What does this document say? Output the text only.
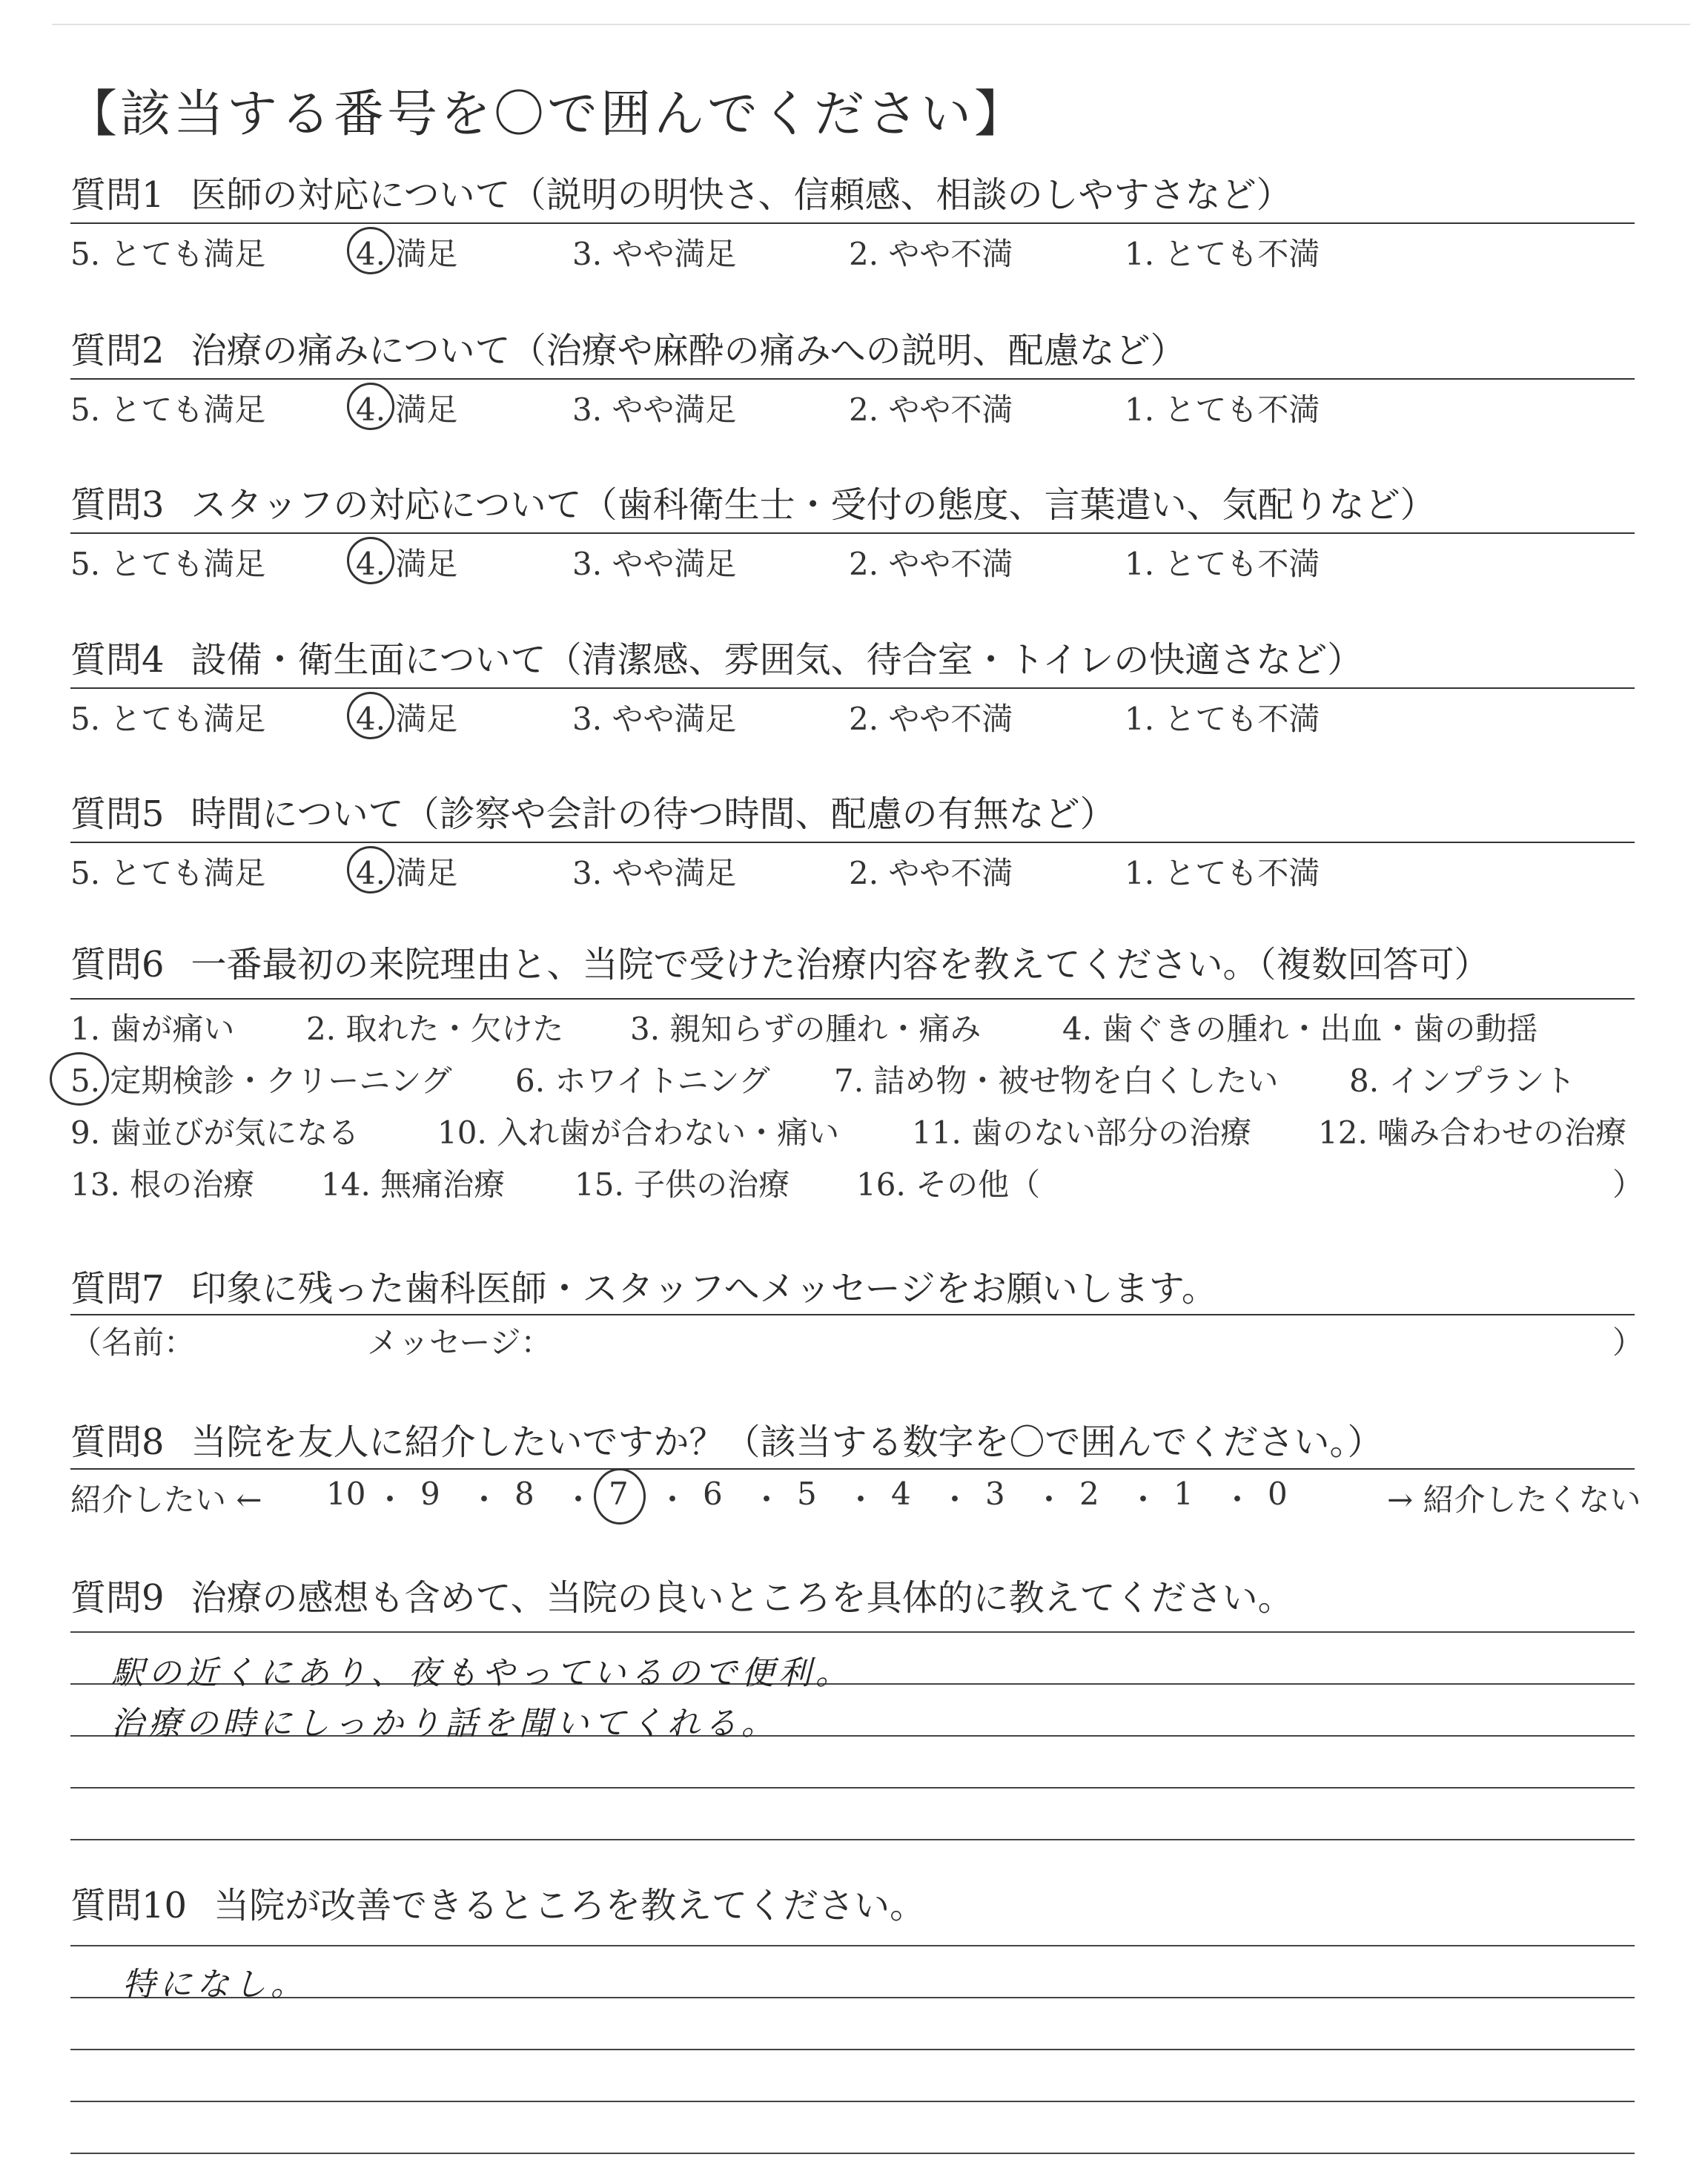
【該当する番号を〇で囲んでください】
質問1 医師の対応について（説明の明快さ、信頼感、相談のしやすさなど）
5. とても満足	4. 満足	3. やや満足	2. やや不満	1. とても不満
質問2 治療の痛みについて（治療や麻酔の痛みへの説明、配慮など）
5. とても満足	4. 満足	3. やや満足	2. やや不満	1. とても不満
質問3 スタッフの対応について（歯科衛生士・受付の態度、言葉遣い、気配りなど）
5. とても満足	4. 満足	3. やや満足	2. やや不満	1. とても不満
質問4 設備・衛生面について（清潔感、雰囲気、待合室・トイレの快適さなど）
5. とても満足	4. 満足	3. やや満足	2. やや不満	1. とても不満
質問5 時間について（診察や会計の待つ時間、配慮の有無など）
5. とても満足	4. 満足	3. やや満足	2. やや不満	1. とても不満
質問6 一番最初の来院理由と、当院で受けた治療内容を教えてください。（複数回答可）
1. 歯が痛い 2. 取れた・欠けた 3. 親知らずの腫れ・痛み	4. 歯ぐきの腫れ・出血・歯の動揺
5. 定期検診・クリーニング 6. ホワイトニング 7. 詰め物・被せ物を白くしたい 8. インプラント
9. 歯並びが気になる	10. 入れ歯が合わない・痛い 11. 歯のない部分の治療 12. 噛み合わせの治療
13. 根の治療 14. 無痛治療 15. 子供の治療 16. その他（	）
質問7 印象に残った歯科医師・スタッフへメッセージをお願いします。
（名前：	メッセージ：	）
質問8 当院を友人に紹介したいですか？（該当する数字を〇で囲んでください。）
紹介したい ←	→ 紹介したくない
10 ・ 9 ・ 8 ・ 7 ・ 6 ・ 5 ・ 4 ・ 3 ・ 2 ・ 1 ・ 0
質問9 治療の感想も含めて、当院の良いところを具体的に教えてください。
駅の近くにあり、夜もやっているので便利。
治療の時にしっかり話を聞いてくれる。
質問10 当院が改善できるところを教えてください。
特になし。
